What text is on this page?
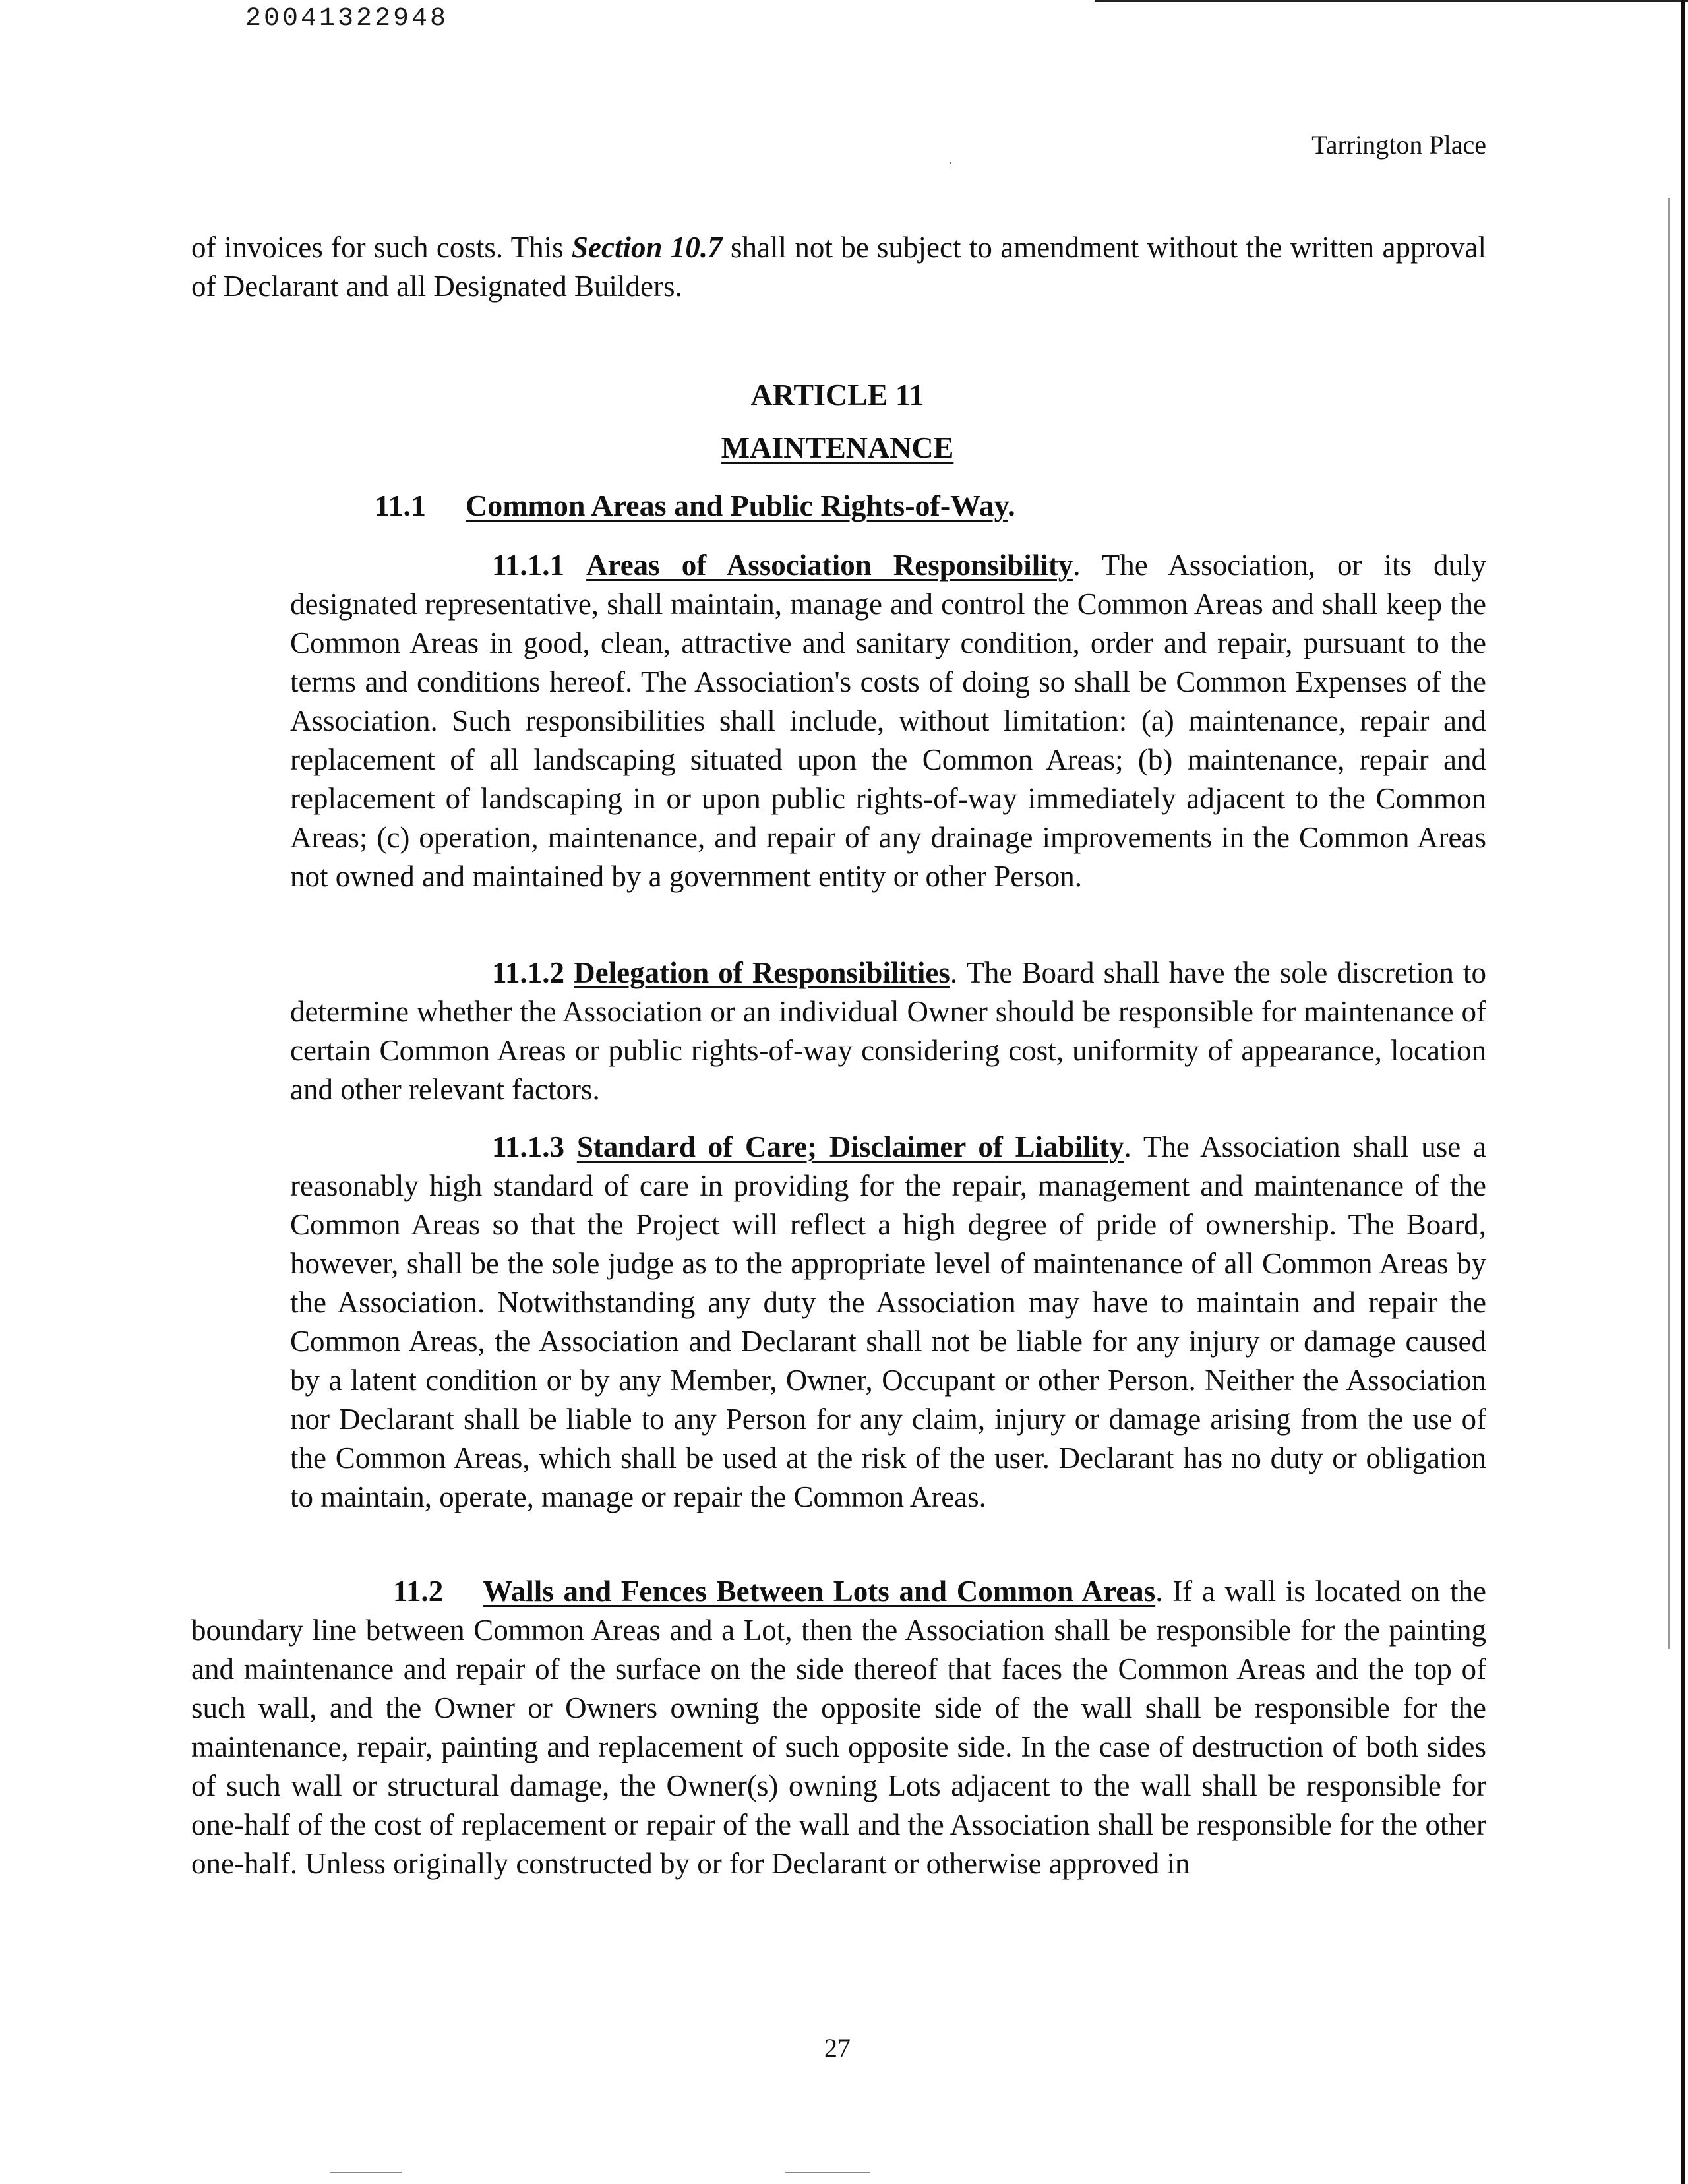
20041322948
Tarrington Place
of invoices for such costs. This Section 10.7 shall not be subject to amendment without the written approval of Declarant and all Designated Builders.
ARTICLE 11
MAINTENANCE
11.1 Common Areas and Public Rights-of-Way.
11.1.1 Areas of Association Responsibility. The Association, or its duly designated representative, shall maintain, manage and control the Common Areas and shall keep the Common Areas in good, clean, attractive and sanitary condition, order and repair, pursuant to the terms and conditions hereof. The Association's costs of doing so shall be Common Expenses of the Association. Such responsibilities shall include, without limitation: (a) maintenance, repair and replacement of all landscaping situated upon the Common Areas; (b) maintenance, repair and replacement of landscaping in or upon public rights-of-way immediately adjacent to the Common Areas; (c) operation, maintenance, and repair of any drainage improvements in the Common Areas not owned and maintained by a government entity or other Person.
11.1.2 Delegation of Responsibilities. The Board shall have the sole discretion to determine whether the Association or an individual Owner should be responsible for maintenance of certain Common Areas or public rights-of-way considering cost, uniformity of appearance, location and other relevant factors.
11.1.3 Standard of Care; Disclaimer of Liability. The Association shall use a reasonably high standard of care in providing for the repair, management and maintenance of the Common Areas so that the Project will reflect a high degree of pride of ownership. The Board, however, shall be the sole judge as to the appropriate level of maintenance of all Common Areas by the Association. Notwithstanding any duty the Association may have to maintain and repair the Common Areas, the Association and Declarant shall not be liable for any injury or damage caused by a latent condition or by any Member, Owner, Occupant or other Person. Neither the Association nor Declarant shall be liable to any Person for any claim, injury or damage arising from the use of the Common Areas, which shall be used at the risk of the user. Declarant has no duty or obligation to maintain, operate, manage or repair the Common Areas.
11.2 Walls and Fences Between Lots and Common Areas. If a wall is located on the boundary line between Common Areas and a Lot, then the Association shall be responsible for the painting and maintenance and repair of the surface on the side thereof that faces the Common Areas and the top of such wall, and the Owner or Owners owning the opposite side of the wall shall be responsible for the maintenance, repair, painting and replacement of such opposite side. In the case of destruction of both sides of such wall or structural damage, the Owner(s) owning Lots adjacent to the wall shall be responsible for one-half of the cost of replacement or repair of the wall and the Association shall be responsible for the other one-half. Unless originally constructed by or for Declarant or otherwise approved in
27
